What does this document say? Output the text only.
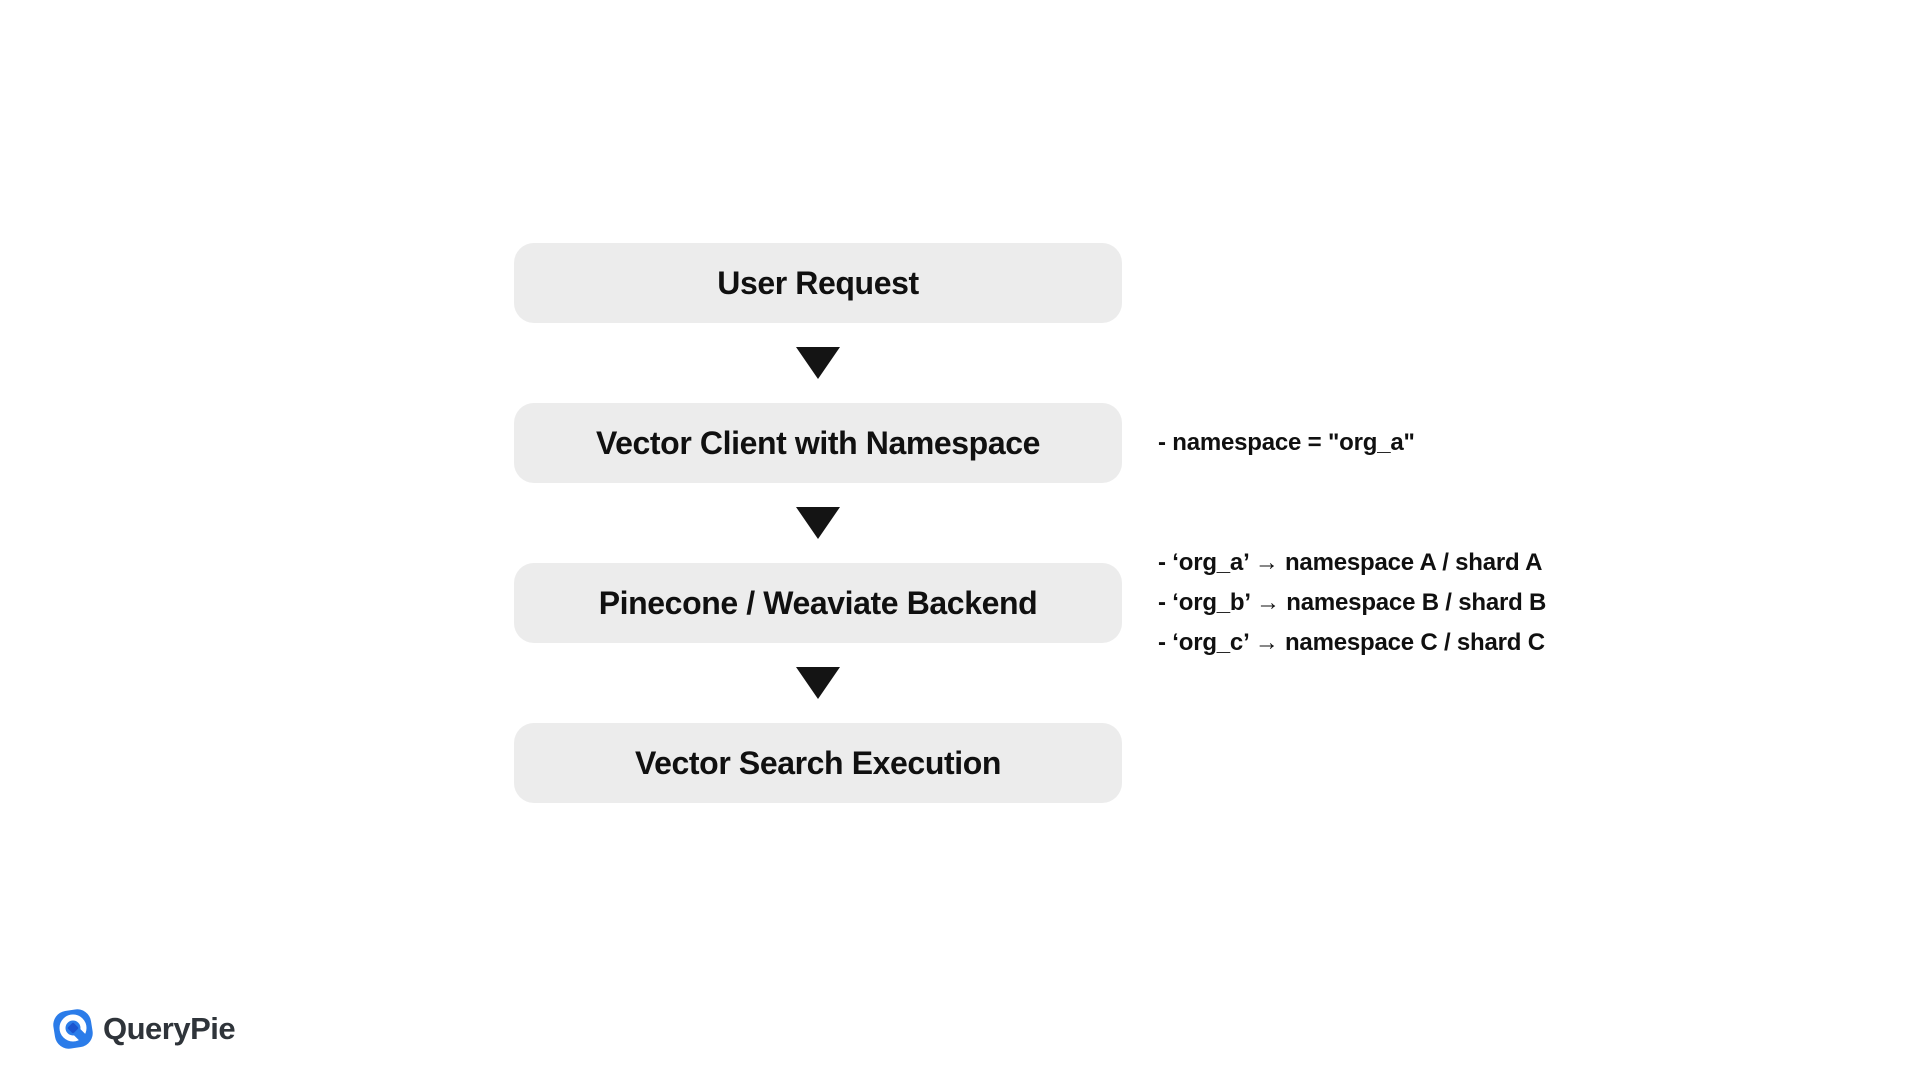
User Request
Vector Client with Namespace	- namespace = "org_a"
Pinecone / Weaviate Backend
- ‘org_a’ → namespace A / shard A
- ‘org_b’ → namespace B / shard B
- ‘org_c’ → namespace C / shard C
Vector Search Execution
QueryPie
